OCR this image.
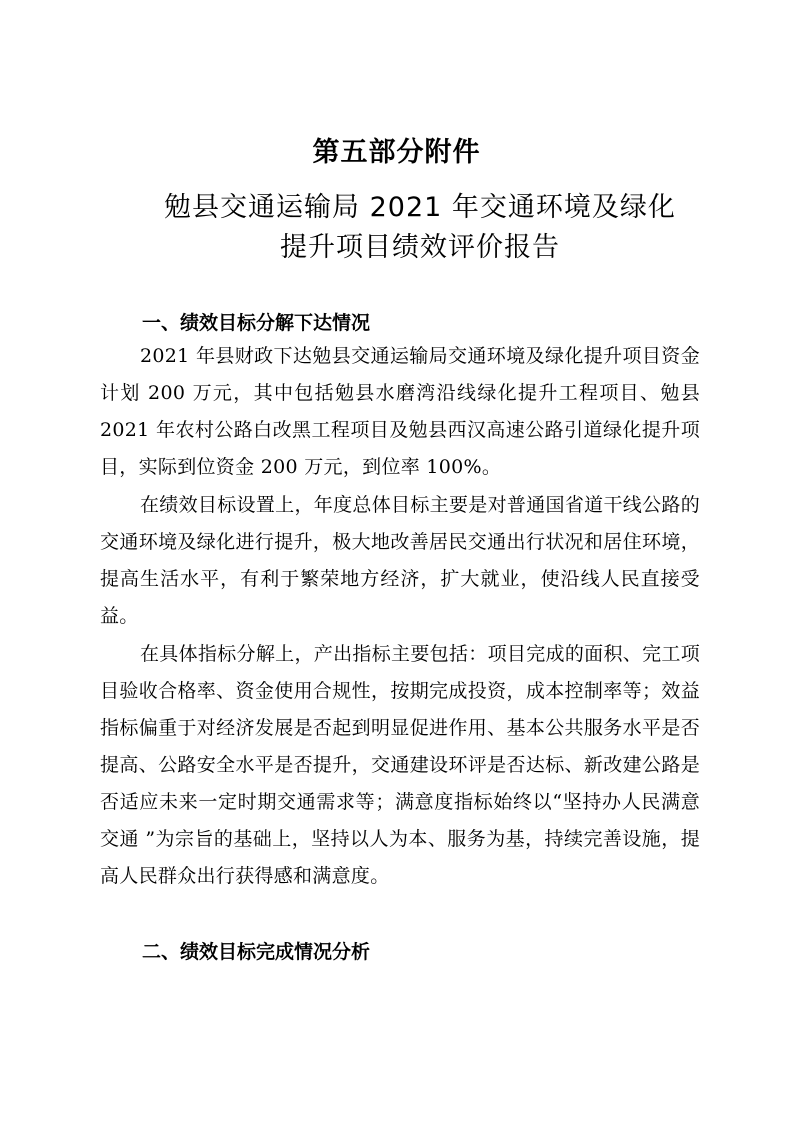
第五部分附件
勉县交通运输局 2021 年交通环境及绿化
提升项目绩效评价报告
一、绩效目标分解下达情况

2021 年县财政下达勉县交通运输局交通环境及绿化提升项目资金计划 200 万元，其中包括勉县水磨湾沿线绿化提升工程项目、勉县 2021 年农村公路白改黑工程项目及勉县西汉高速公路引道绿化提升项目，实际到位资金 200 万元，到位率 100%。

在绩效目标设置上，年度总体目标主要是对普通国省道干线公路的交通环境及绿化进行提升，极大地改善居民交通出行状况和居住环境，提高生活水平，有利于繁荣地方经济，扩大就业，使沿线人民直接受益。

在具体指标分解上，产出指标主要包括：项目完成的面积、完工项目验收合格率、资金使用合规性，按期完成投资，成本控制率等；效益指标偏重于对经济发展是否起到明显促进作用、基本公共服务水平是否提高、公路安全水平是否提升，交通建设环评是否达标、新改建公路是否适应未来一定时期交通需求等；满意度指标始终以“坚持办人民满意交通 ”为宗旨的基础上，坚持以人为本、服务为基，持续完善设施，提高人民群众出行获得感和满意度。

二、绩效目标完成情况分析
